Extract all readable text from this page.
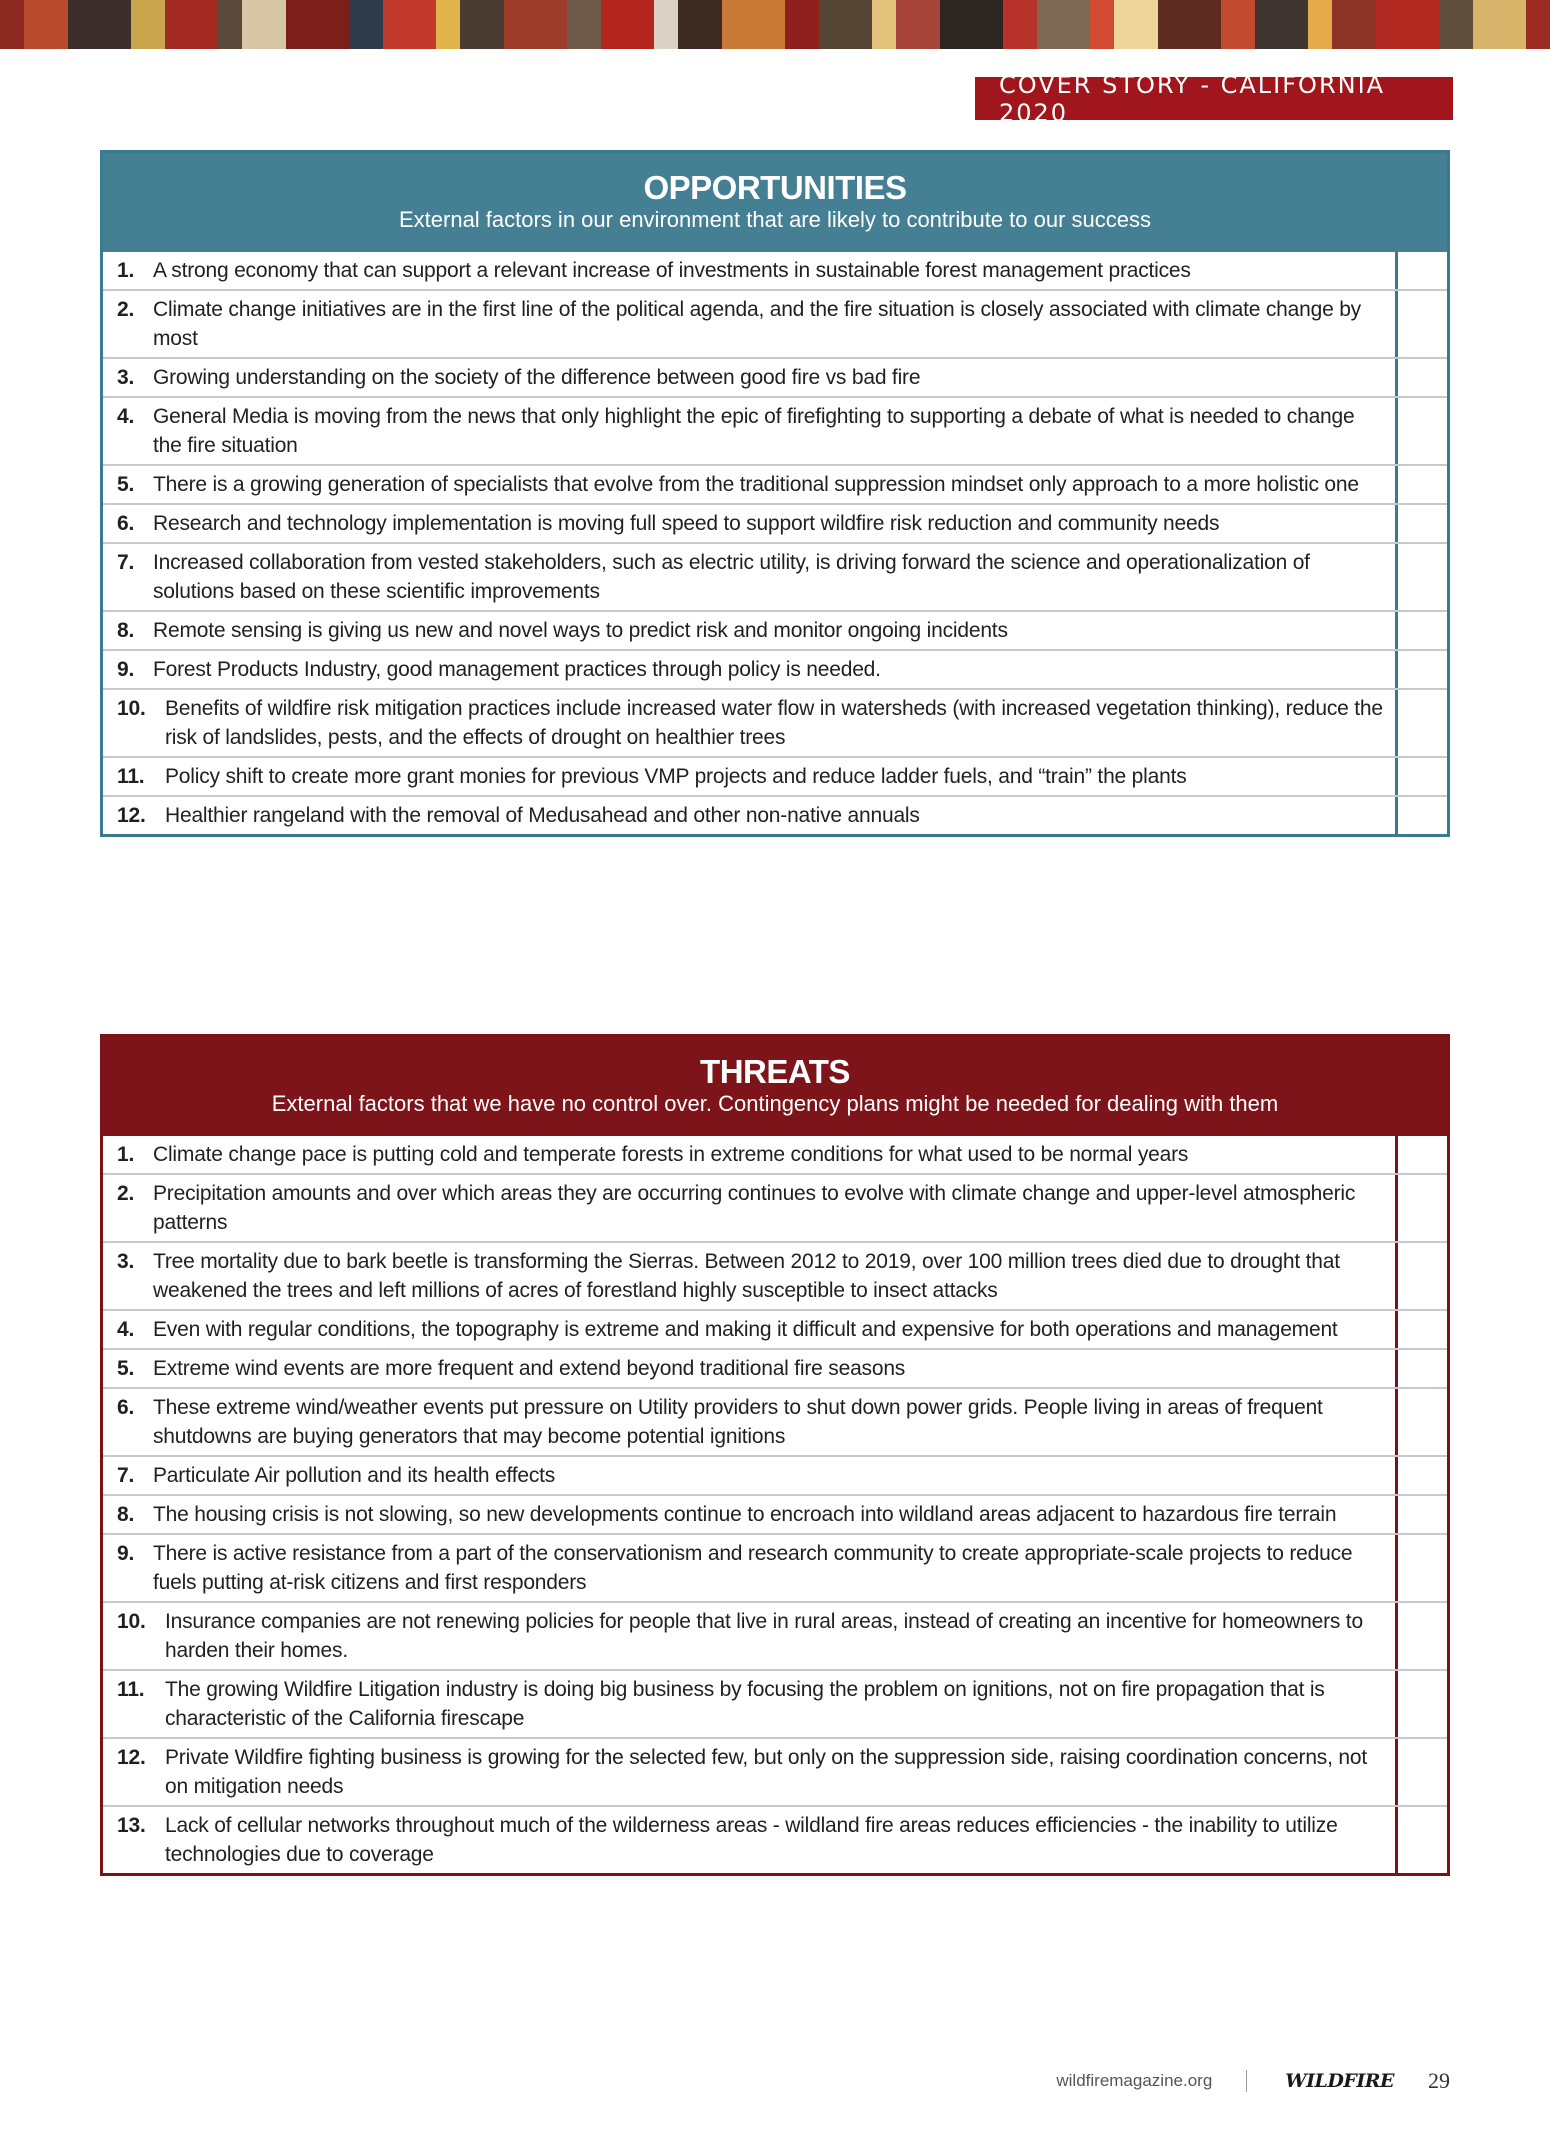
COVER STORY - CALIFORNIA 2020
OPPORTUNITIES
External factors in our environment that are likely to contribute to our success
1. A strong economy that can support a relevant increase of investments in sustainable forest management practices
2. Climate change initiatives are in the first line of the political agenda, and the fire situation is closely associated with climate change by most
3. Growing understanding on the society of the difference between good fire vs bad fire
4. General Media is moving from the news that only highlight the epic of firefighting to supporting a debate of what is needed to change the fire situation
5. There is a growing generation of specialists that evolve from the traditional suppression mindset only approach to a more holistic one
6. Research and technology implementation is moving full speed to support wildfire risk reduction and community needs
7. Increased collaboration from vested stakeholders, such as electric utility, is driving forward the science and operationalization of solutions based on these scientific improvements
8. Remote sensing is giving us new and novel ways to predict risk and monitor ongoing incidents
9. Forest Products Industry, good management practices through policy is needed.
10. Benefits of wildfire risk mitigation practices include increased water flow in watersheds (with increased vegetation thinking), reduce the risk of landslides, pests, and the effects of drought on healthier trees
11. Policy shift to create more grant monies for previous VMP projects and reduce ladder fuels, and “train” the plants
12. Healthier rangeland with the removal of Medusahead and other non-native annuals
THREATS
External factors that we have no control over. Contingency plans might be needed for dealing with them
1. Climate change pace is putting cold and temperate forests in extreme conditions for what used to be normal years
2. Precipitation amounts and over which areas they are occurring continues to evolve with climate change and upper-level atmospheric patterns
3. Tree mortality due to bark beetle is transforming the Sierras. Between 2012 to 2019, over 100 million trees died due to drought that weakened the trees and left millions of acres of forestland highly susceptible to insect attacks
4. Even with regular conditions, the topography is extreme and making it difficult and expensive for both operations and management
5. Extreme wind events are more frequent and extend beyond traditional fire seasons
6. These extreme wind/weather events put pressure on Utility providers to shut down power grids. People living in areas of frequent shutdowns are buying generators that may become potential ignitions
7. Particulate Air pollution and its health effects
8. The housing crisis is not slowing, so new developments continue to encroach into wildland areas adjacent to hazardous fire terrain
9. There is active resistance from a part of the conservationism and research community to create appropriate-scale projects to reduce fuels putting at-risk citizens and first responders
10. Insurance companies are not renewing policies for people that live in rural areas, instead of creating an incentive for homeowners to harden their homes.
11. The growing Wildfire Litigation industry is doing big business by focusing the problem on ignitions, not on fire propagation that is characteristic of the California firescape
12. Private Wildfire fighting business is growing for the selected few, but only on the suppression side, raising coordination concerns, not on mitigation needs
13. Lack of cellular networks throughout much of the wilderness areas - wildland fire areas reduces efficiencies - the inability to utilize technologies due to coverage
wildfiremagazine.org	WILDFIRE 29
